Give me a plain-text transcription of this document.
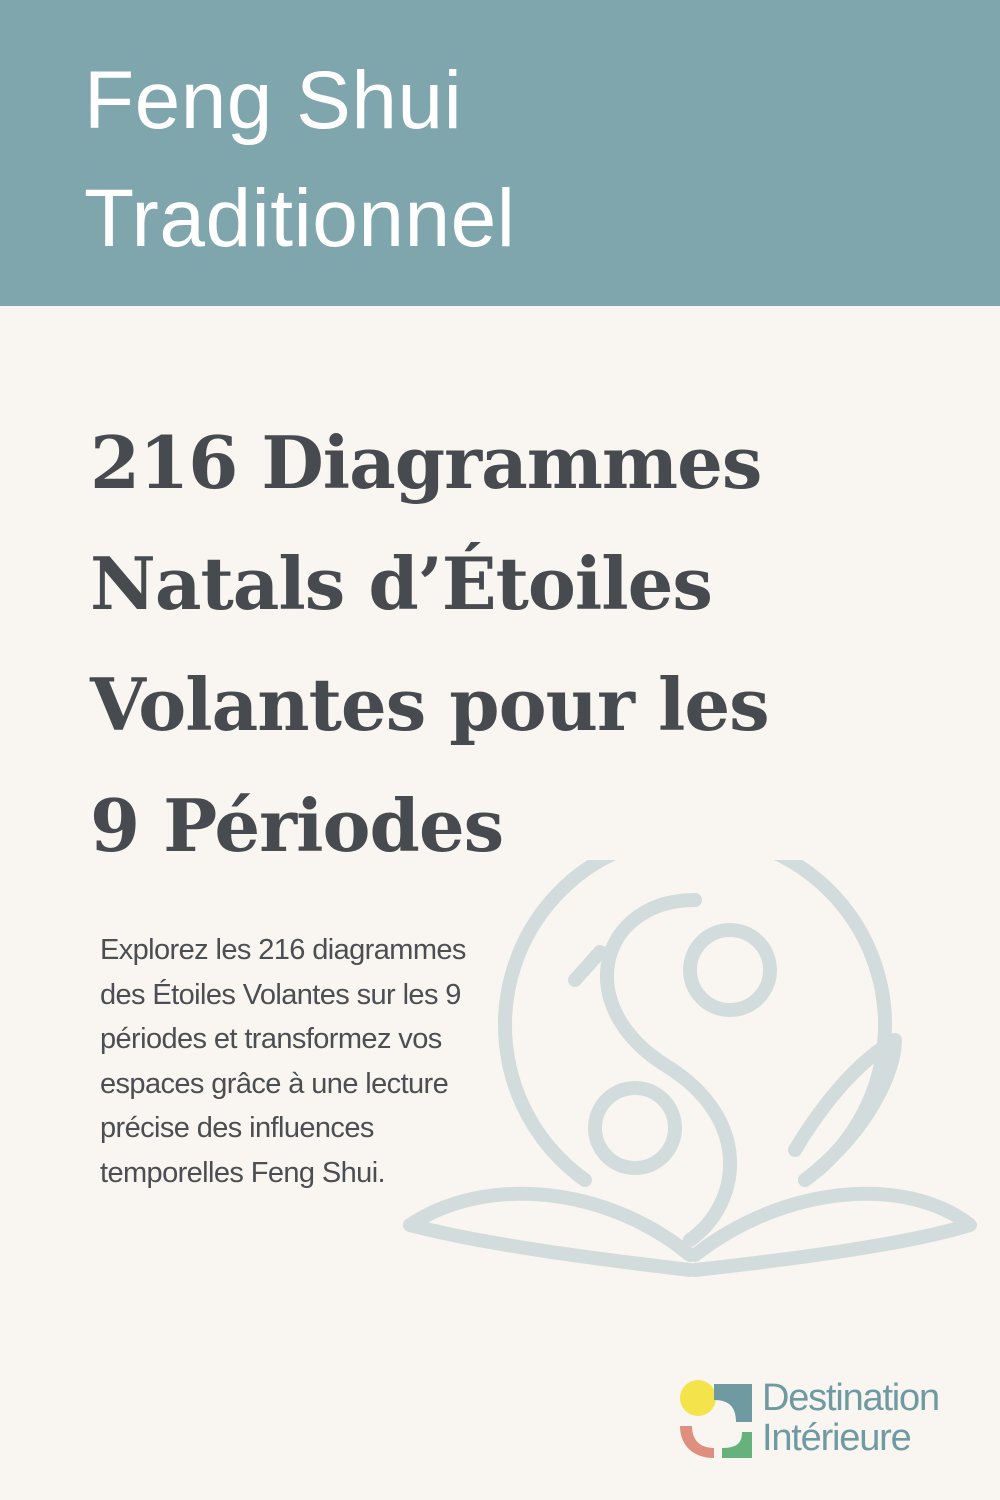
Feng Shui
Traditionnel
216 Diagrammes
Natals d’Étoiles
Volantes pour les
9 Périodes

Explorez les 216 diagrammes
des Étoiles Volantes sur les 9
périodes et transformez vos
espaces grâce à une lecture
précise des influences
temporelles Feng Shui.

Destination
Intérieure
